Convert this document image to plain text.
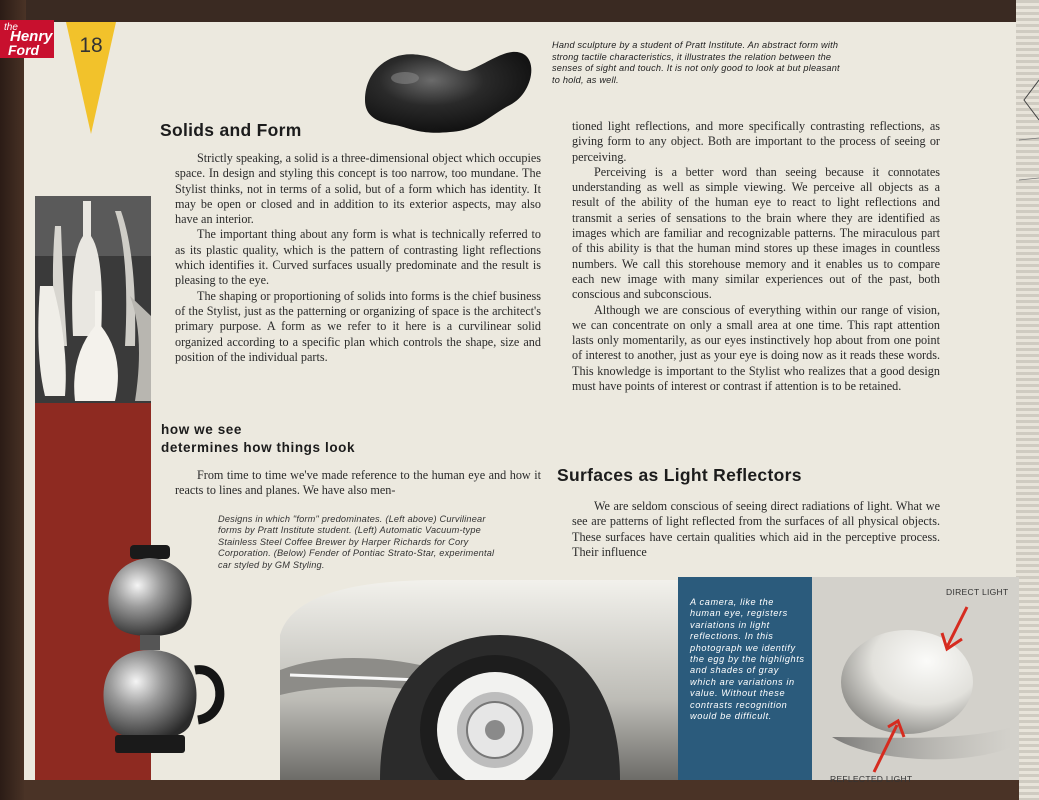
the
Henry
Ford	18	Hand sculpture by a student of Pratt Institute. An abstract form with strong tactile characteristics, it illustrates the relation between the senses of sight and touch. It is not only good to look at but pleasant to hold, as well.
Solids and Form
how we see
determines how things look
Surfaces as Light Reflectors

Strictly speaking, a solid is a three-dimensional object which occupies space. In design and styling this concept is too narrow, too mundane. The Stylist thinks, not in terms of a solid, but of a form which has identity. It may be open or closed and in addition to its exterior aspects, may also have an interior.

The important thing about any form is what is technically referred to as its plastic quality, which is the pattern of contrasting light reflections which identifies it. Curved surfaces usually predominate and the result is pleasing to the eye.

The shaping or proportioning of solids into forms is the chief business of the Stylist, just as the patterning or organizing of space is the architect's primary purpose. A form as we refer to it here is a curvilinear solid organized according to a specific plan which controls the shape, size and position of the individual parts.

From time to time we've made reference to the human eye and how it reacts to lines and planes. We have also men-

tioned light reflections, and more specifically contrasting reflections, as giving form to any object. Both are important to the process of seeing or perceiving.

Perceiving is a better word than seeing because it connotates understanding as well as simple viewing. We perceive all objects as a result of the ability of the human eye to react to light reflections and transmit a series of sensations to the brain where they are identified as images which are familiar and recognizable patterns. The miraculous part of this ability is that the human mind stores up these images in countless numbers. We call this storehouse memory and it enables us to compare each new image with many similar experiences out of the past, both conscious and subconscious.

Although we are conscious of everything within our range of vision, we can concentrate on only a small area at one time. This rapt attention lasts only momentarily, as our eyes instinctively hop about from one point of interest to another, just as your eye is doing now as it reads these words. This knowledge is important to the Stylist who realizes that a good design must have points of interest or contrast if attention is to be retained.

We are seldom conscious of seeing direct radiations of light. What we see are patterns of light reflected from the surfaces of all physical objects. These surfaces have certain qualities which aid in the perceptive process. Their influence

Designs in which "form" predominates. (Left above) Curvilinear forms by Pratt Institute student. (Left) Automatic Vacuum-type Stainless Steel Coffee Brewer by Harper Richards for Cory Corporation. (Below) Fender of Pontiac Strato-Star, experimental car styled by GM Styling.
A camera, like the human eye, registers variations in light reflections. In this photograph we identify the egg by the highlights and shades of gray which are variations in value. Without these contrasts recognition would be difficult.
DIRECT LIGHT
REFLECTED LIGHT
